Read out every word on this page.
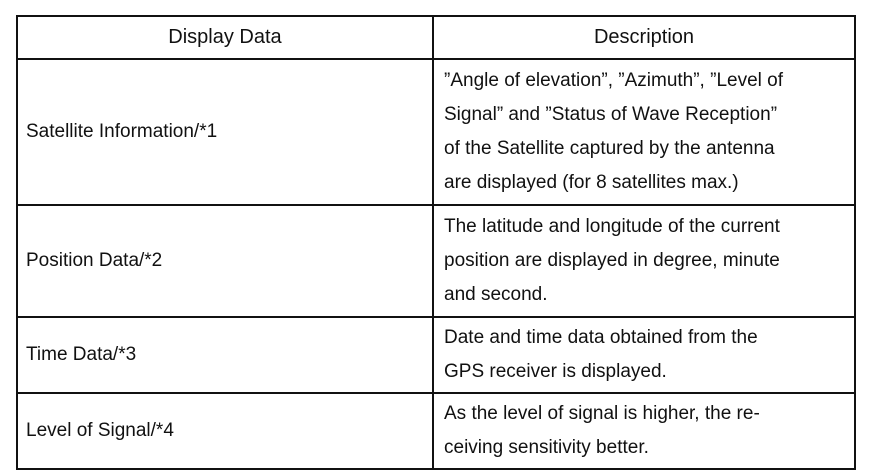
Display Data	Description
Satellite Information/*1	”Angle of elevation”, ”Azimuth”, ”Level of
Signal” and ”Status of Wave Reception”
of the Satellite captured by the antenna
are displayed (for 8 satellites max.)

Position Data/*2	The latitude and longitude of the current
position are displayed in degree, minute
and second.

Time Data/*3	Date and time data obtained from the
GPS receiver is displayed.

Level of Signal/*4	As the level of signal is higher, the re-
ceiving sensitivity better.
